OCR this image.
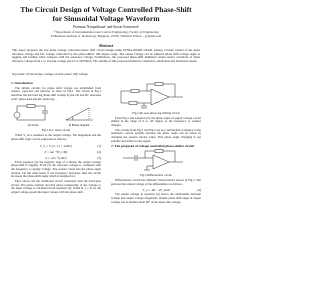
The Circuit Design of Voltage Controlled Phase-Shift
for Sinusoidal Voltage Waveform
Pramuan Nonpatthana¹ and Suwat Somsawat²
¹,²Department of Instrumentation and Control Engineering, Faculty of Engineering
Pathumwan Institute of Technology, Bangkok, 10330, Thailand. Email: ...@gmail.com
Abstract
This paper proposes the low-noise voltage controlled phase shift circuit design using INTRA-BAND OSAB. Analog Circuits consist of the input reference voltage and DC voltage controlled by the phase-shifter 180 degree range. The output voltage can be adjusted phase shift voltage angle at lagging and leading when compare with the reference voltage. Furthermore, the proposed phase-shift unlimited output and/or variations of input reference voltage from 1 to 10 peak voltage and 10 to 100 Hertz. The validity of this proposed method is verified by simulation and formation results.
Keywords: circuit design, voltage control, phase shift voltage
1. Introduction
The simple circuits for phase shift voltage are established from resistor, capacitor and inductor as show in Fig.1. The circuit in Fig.1 describes the lead and lag phase shift voltage by the CR and RC networks as RC phase lead and RC phase lag.
a) Circuit	b) Phasor diagram
Fig.1 R-C series circuit
When V_in is assumed as the output voltage. The magnitude and the phase shift angle can be expressed as follows,
V_o = V_in / (1 + jωRC)	(1)
θ = tan⁻¹(X_C/R)	(2)
θ = -tan⁻¹(ωRC)	(3)
From equation (2) the negative sign of θ means the output voltage phase-shift is lagging. From (3) the capacitor voltage is compared with the frequency to supply voltage. The resistor value sets the phase angle relation. On the other hand, if the frequency increases, then the circuit increases the phase-shift angle which is designed for.
Fig.2 shows the the traditional circuit connected with the band-pass circuit. The phase relation and this phase relationship of the voltage to the input voltage is calculated from equation (3). When R_f = R_in, the output voltage equals the input voltage with the phase shift.
−
+
Fig.2 All-pass phase lag shifting circuit
From Fig.2 and equation (3), the phase angle of output voltage can be shifted in the range of 0 to -90 degree as the frequency or resistor changes.
The circuits from Fig.1 and Fig.2 are not comfortable to employ in the automatic control systems because the phase angle can be tuned by changing the passive device value. This phase angle changing is not suitable and stable for the signal.
2. The proposed of voltage controlled phase-shifter circuit
Fig.3 Differentiator circuit
Differentiator circuit has different characteristics shown in Fig.3. The gain and the output voltage of the differentiator as follows,
V_o = -RC · dV_in/dt	(4)
The output voltage in equation (4) shows the relationship between voltage and output voltage magnitude. Output phase shift angle of output voltage can be shifted about 90° of the input sine voltage.
